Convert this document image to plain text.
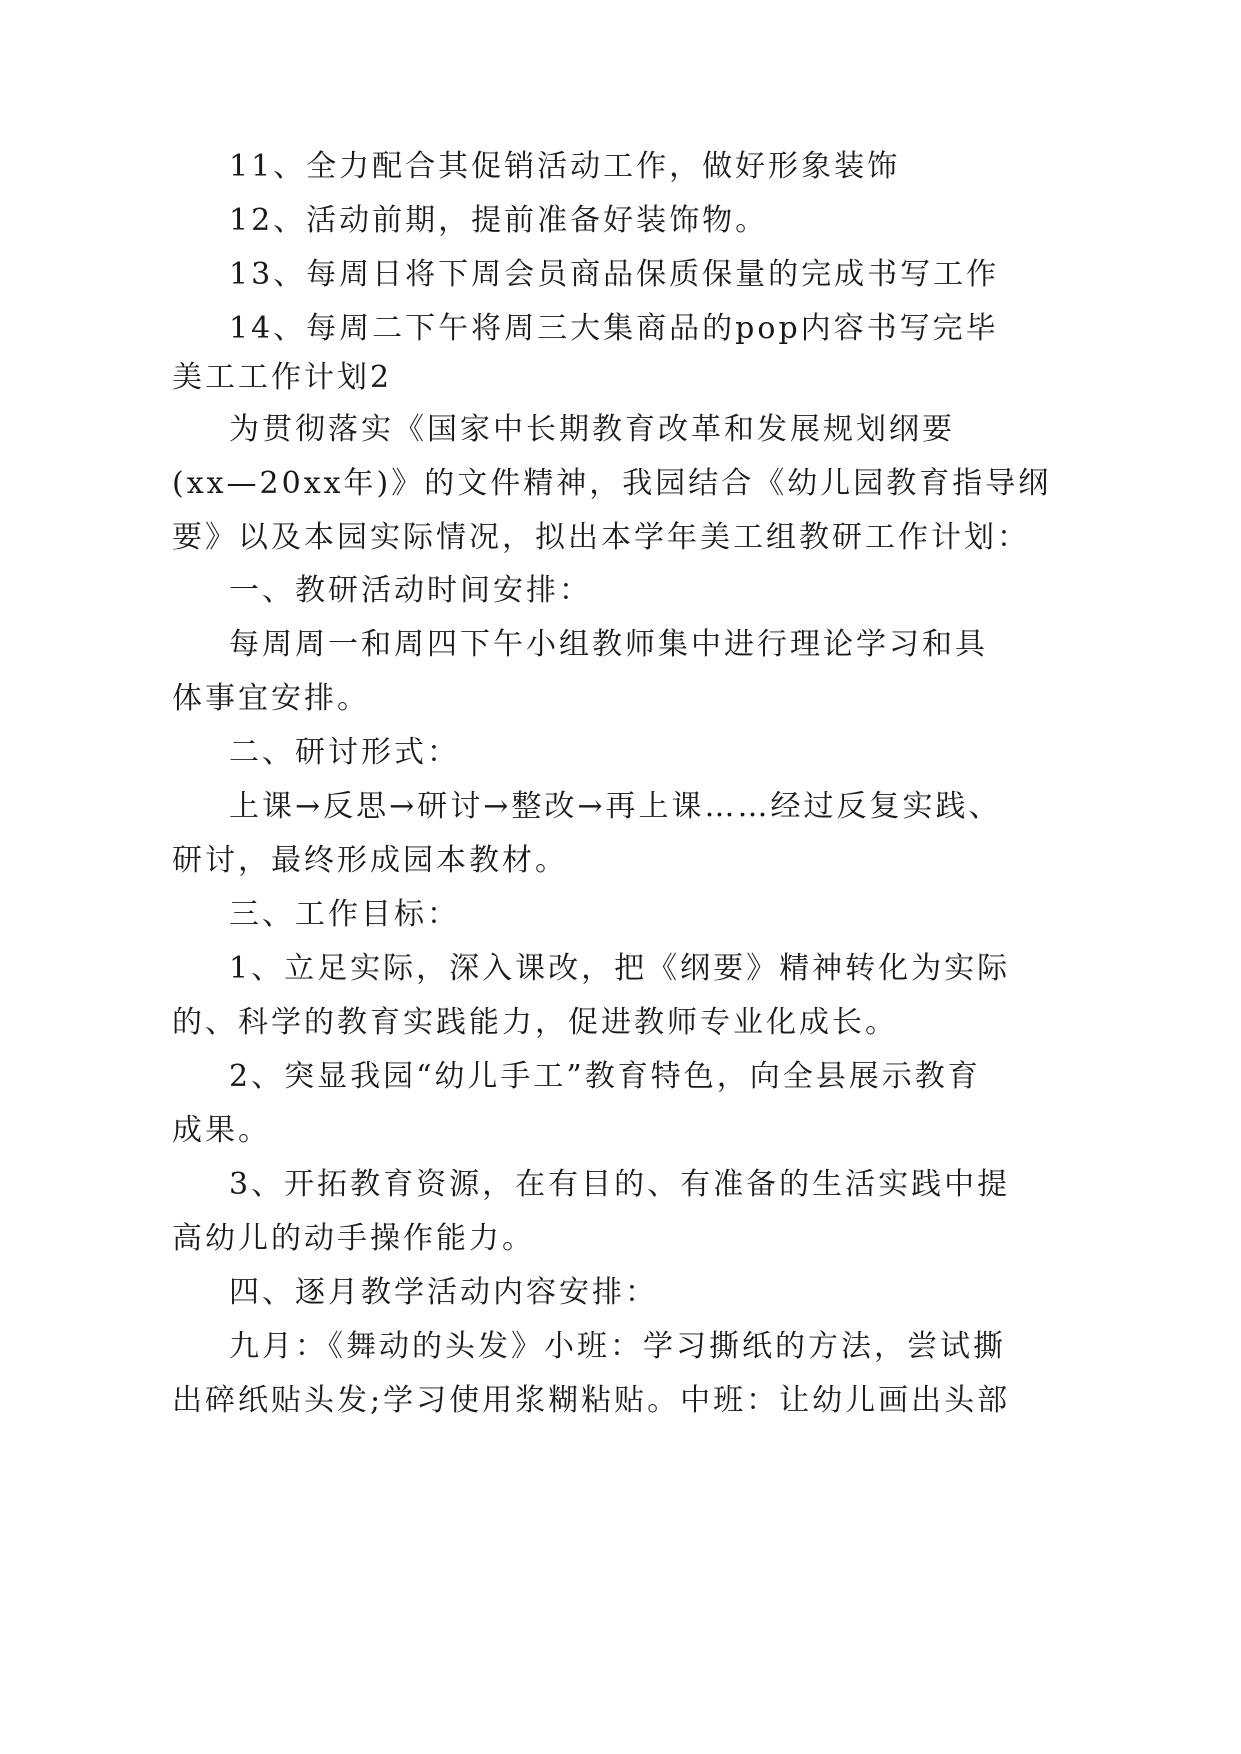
11、全力配合其促销活动工作，做好形象装饰
12、活动前期，提前准备好装饰物。
13、每周日将下周会员商品保质保量的完成书写工作
14、每周二下午将周三大集商品的pop内容书写完毕
美工工作计划2
为贯彻落实《国家中长期教育改革和发展规划纲要
(xx—20xx年)》的文件精神，我园结合《幼儿园教育指导纲
要》以及本园实际情况，拟出本学年美工组教研工作计划：
一、教研活动时间安排：
每周周一和周四下午小组教师集中进行理论学习和具
体事宜安排。
二、研讨形式：
上课→反思→研讨→整改→再上课……经过反复实践、
研讨，最终形成园本教材。
三、工作目标：
1、立足实际，深入课改，把《纲要》精神转化为实际
的、科学的教育实践能力，促进教师专业化成长。
2、突显我园“幼儿手工”教育特色，向全县展示教育
成果。
3、开拓教育资源，在有目的、有准备的生活实践中提
高幼儿的动手操作能力。
四、逐月教学活动内容安排：
九月：《舞动的头发》小班：学习撕纸的方法，尝试撕
出碎纸贴头发;学习使用浆糊粘贴。中班：让幼儿画出头部
